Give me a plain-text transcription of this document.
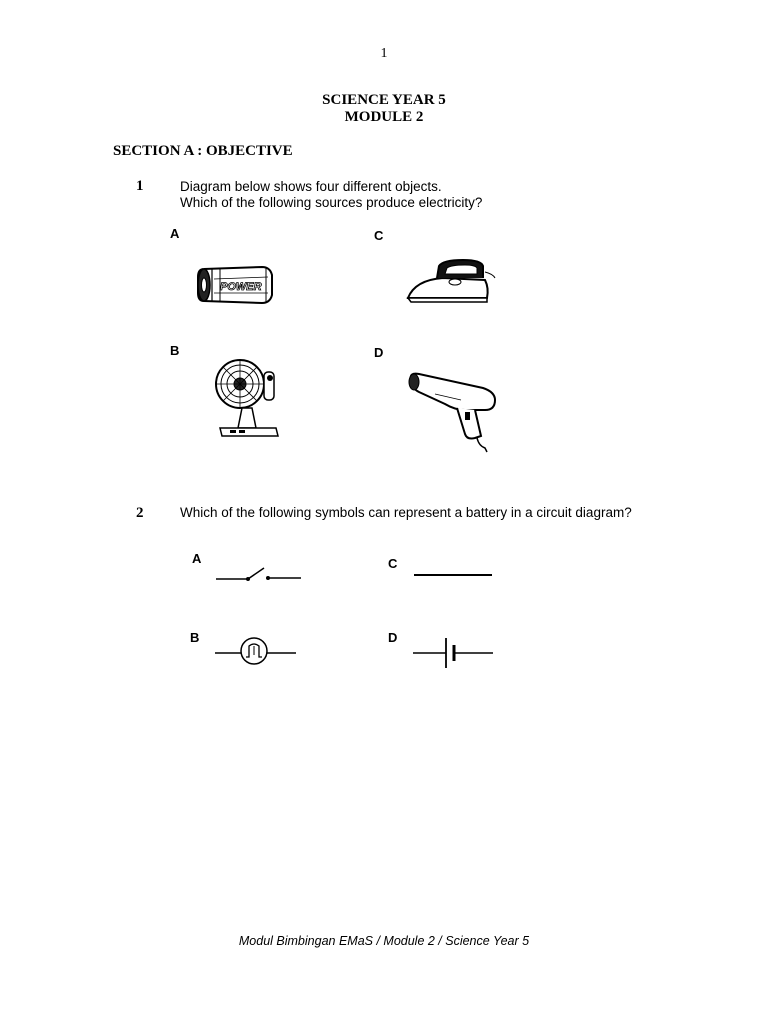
1
SCIENCE YEAR 5
MODULE 2
SECTION A : OBJECTIVE
1	Diagram below shows four different objects.
Which of the following sources produce electricity?
A	C
B	D
POWER
2	Which of the following symbols can represent a battery in a circuit diagram?
A	C
B	D
Modul Bimbingan EMaS / Module 2 / Science Year 5
